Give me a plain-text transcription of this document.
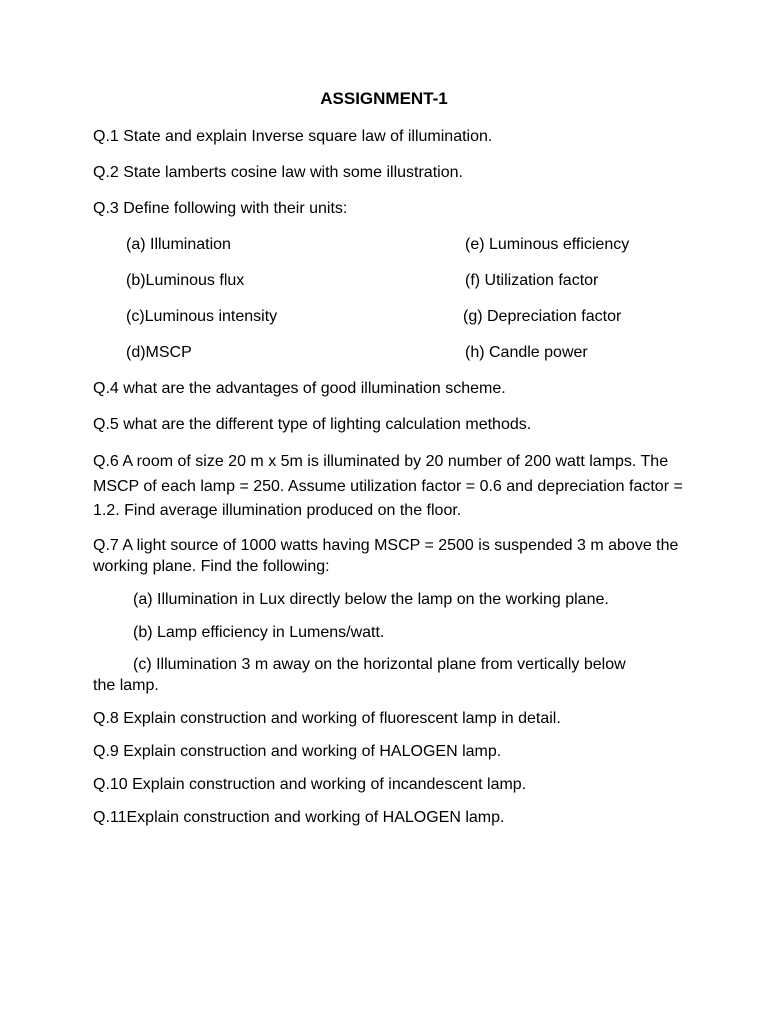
ASSIGNMENT-1
Q.1 State and explain Inverse square law of illumination.
Q.2 State lamberts cosine law with some illustration.
Q.3 Define following with their units:
(a) Illumination	(e) Luminous efficiency
(b)Luminous flux	(f) Utilization factor
(c)Luminous intensity	(g) Depreciation factor
(d)MSCP	(h) Candle power
Q.4 what are the advantages of good illumination scheme.
Q.5 what are the different type of lighting calculation methods.
Q.6 A room of size 20 m x 5m is illuminated by 20 number of 200 watt lamps. The MSCP of each lamp = 250. Assume utilization factor = 0.6 and depreciation factor = 1.2. Find average illumination produced on the floor.
Q.7 A light source of 1000 watts having MSCP = 2500 is suspended 3 m above the working plane. Find the following:
(a) Illumination in Lux directly below the lamp on the working plane.
(b) Lamp efficiency in Lumens/watt.
(c) Illumination 3 m away on the horizontal plane from vertically below
the lamp.
Q.8 Explain construction and working of fluorescent lamp in detail.
Q.9 Explain construction and working of HALOGEN lamp.
Q.10 Explain construction and working of incandescent lamp.
Q.11Explain construction and working of HALOGEN lamp.
